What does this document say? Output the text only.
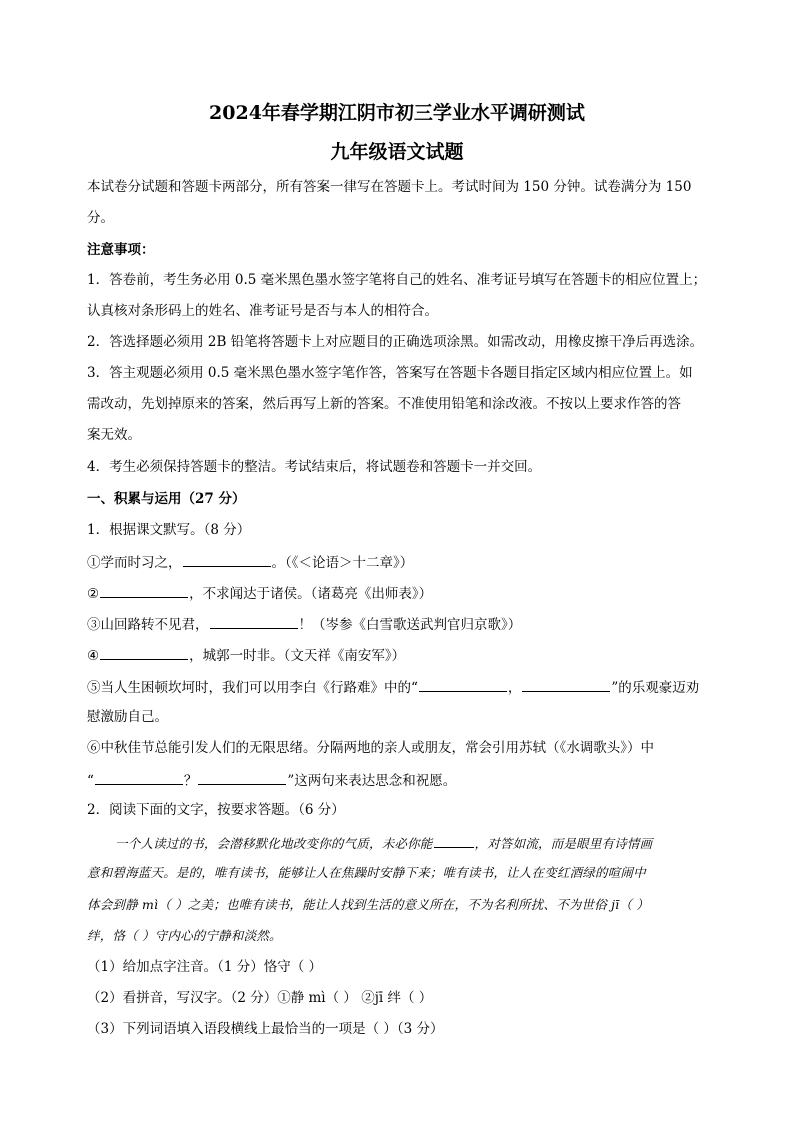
2024年春学期江阴市初三学业水平调研测试
九年级语文试题
本试卷分试题和答题卡两部分，所有答案一律写在答题卡上。考试时间为 150 分钟。试卷满分为 150
分。
注意事项：
1．答卷前，考生务必用 0.5 毫米黑色墨水签字笔将自己的姓名、准考证号填写在答题卡的相应位置上；
认真核对条形码上的姓名、准考证号是否与本人的相符合。
2．答选择题必须用 2B 铅笔将答题卡上对应题目的正确选项涂黑。如需改动，用橡皮擦干净后再选涂。
3．答主观题必须用 0.5 毫米黑色墨水签字笔作答，答案写在答题卡各题目指定区域内相应位置上。如
需改动，先划掉原来的答案，然后再写上新的答案。不准使用铅笔和涂改液。不按以上要求作答的答
案无效。
4．考生必须保持答题卡的整洁。考试结束后，将试题卷和答题卡一并交回。
一、积累与运用（27 分）
1．根据课文默写。（8 分）
①学而时习之，	。（《＜论语＞十二章》）
②	，不求闻达于诸侯。（诸葛亮《出师表》）
③山回路转不见君，	！（岑参《白雪歌送武判官归京歌》）
④	，城郭一时非。（文天祥《南安军》）
⑤当人生困顿坎坷时，我们可以用李白《行路难》中的“	，	”的乐观豪迈劝
慰激励自己。
⑥中秋佳节总能引发人们的无限思绪。分隔两地的亲人或朋友，常会引用苏轼（《水调歌头》）中
“	？	”这两句来表达思念和祝愿。
2．阅读下面的文字，按要求答题。（6 分）
一个人读过的书，会潜移默化地改变你的气质，未必你能	，对答如流，而是眼里有诗情画
意和碧海蓝天。是的，唯有读书，能够让人在焦躁时安静下来；唯有读书，让人在变红酒绿的喧闹中
体会到静 mì（ ）之美；也唯有读书，能让人找到生活的意义所在，不为名利所扰、不为世俗 jī（ ）
绊，恪（ ）守内心的宁静和淡然。
（1）给加点字注音。（1 分）恪守（ ）
（2）看拼音，写汉字。（2 分）①静 mì（ ） ②jī 绊（ ）
（3）下列词语填入语段横线上最恰当的一项是（ ）（3 分）
